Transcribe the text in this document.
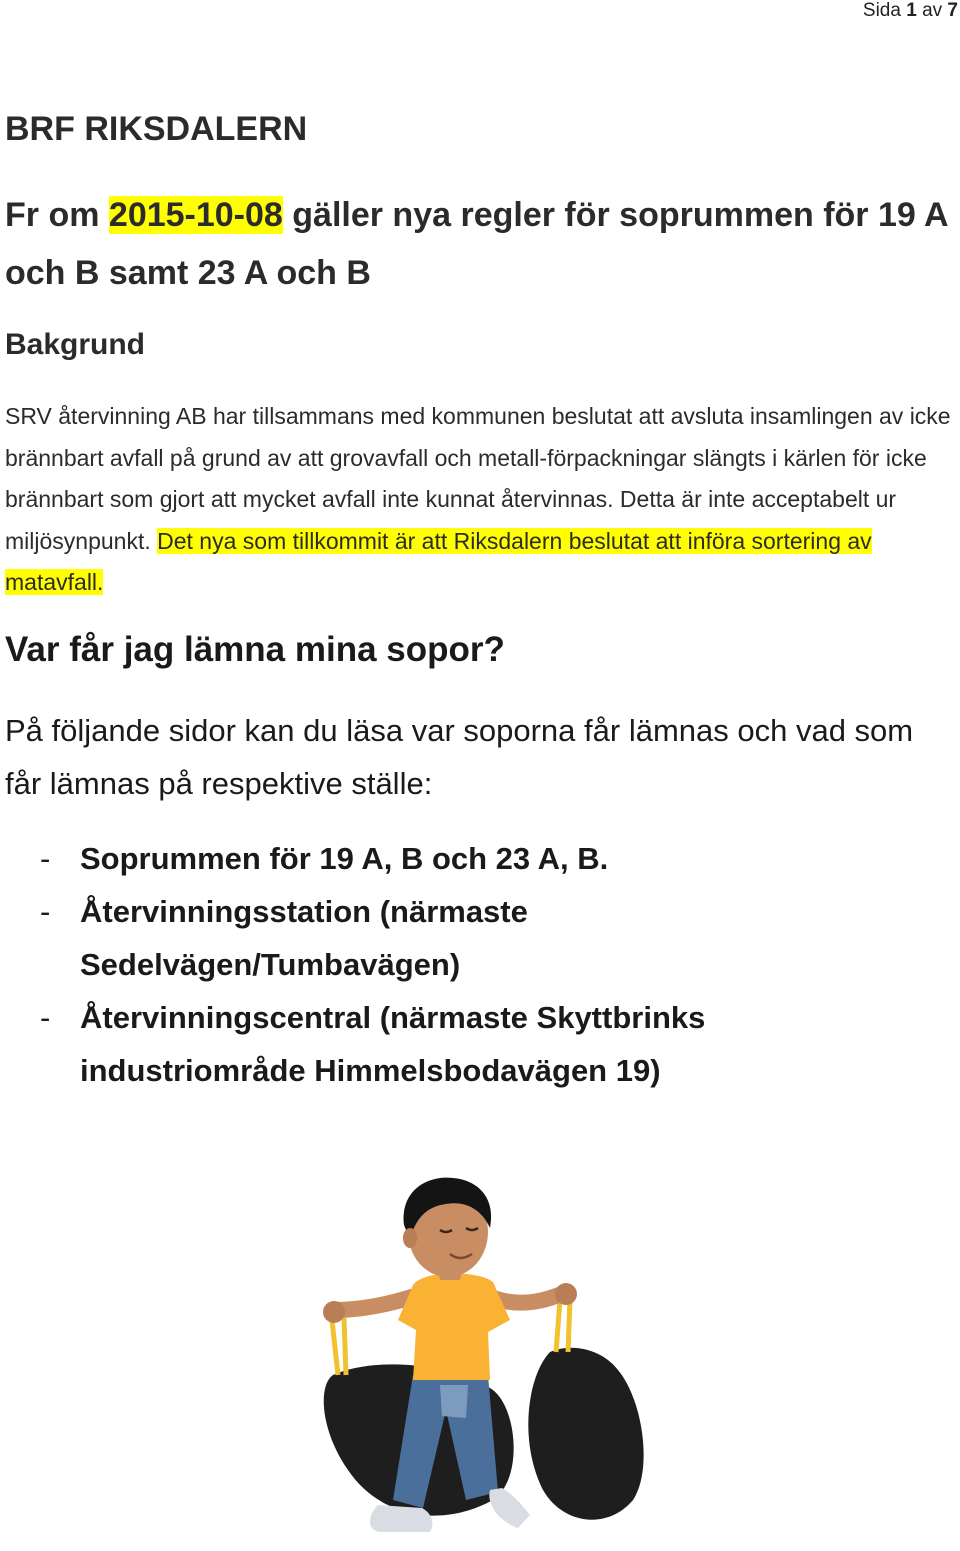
Sida 1 av 7
BRF RIKSDALERN
Fr om 2015-10-08 gäller nya regler för soprummen för 19 A och B samt 23 A och B
Bakgrund

SRV återvinning AB har tillsammans med kommunen beslutat att avsluta insamlingen av icke brännbart avfall på grund av att grovavfall och metall-förpackningar slängts i kärlen för icke brännbart som gjort att mycket avfall inte kunnat återvinnas. Detta är inte acceptabelt ur miljösynpunkt. Det nya som tillkommit är att Riksdalern beslutat att införa sortering av matavfall.

Var får jag lämna mina sopor?

På följande sidor kan du läsa var soporna får lämnas och vad som får lämnas på respektive ställe:

- Soprummen för 19 A, B och 23 A, B.
- Återvinningsstation (närmaste Sedelvägen/Tumbavägen)
- Återvinningscentral (närmaste Skyttbrinks industriområde Himmelsbodavägen 19)
